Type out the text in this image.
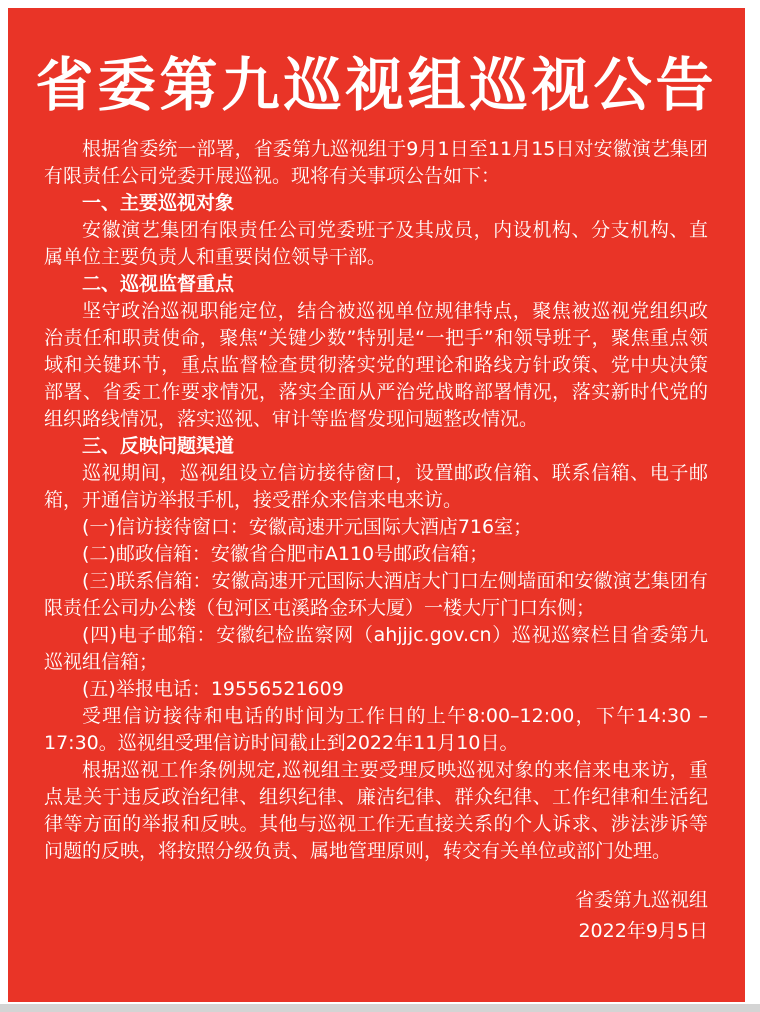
省委第九巡视组巡视公告

根据省委统一部署，省委第九巡视组于9月1日至11月15日对安徽演艺集团有限责任公司党委开展巡视。现将有关事项公告如下：

一、主要巡视对象

安徽演艺集团有限责任公司党委班子及其成员，内设机构、分支机构、直属单位主要负责人和重要岗位领导干部。

二、巡视监督重点

坚守政治巡视职能定位，结合被巡视单位规律特点，聚焦被巡视党组织政治责任和职责使命，聚焦“关键少数”特别是“一把手”和领导班子，聚焦重点领域和关键环节，重点监督检查贯彻落实党的理论和路线方针政策、党中央决策部署、省委工作要求情况，落实全面从严治党战略部署情况，落实新时代党的组织路线情况，落实巡视、审计等监督发现问题整改情况。

三、反映问题渠道

巡视期间，巡视组设立信访接待窗口，设置邮政信箱、联系信箱、电子邮箱，开通信访举报手机，接受群众来信来电来访。

(一)信访接待窗口：安徽高速开元国际大酒店716室；

(二)邮政信箱：安徽省合肥市A110号邮政信箱；

(三)联系信箱：安徽高速开元国际大酒店大门口左侧墙面和安徽演艺集团有限责任公司办公楼（包河区屯溪路金环大厦）一楼大厅门口东侧；

(四)电子邮箱：安徽纪检监察网（ahjjjc.gov.cn）巡视巡察栏目省委第九巡视组信箱；

(五)举报电话：19556521609

受理信访接待和电话的时间为工作日的上午8:00–12:00，下午14:30 – 17:30。巡视组受理信访时间截止到2022年11月10日。

根据巡视工作条例规定,巡视组主要受理反映巡视对象的来信来电来访，重点是关于违反政治纪律、组织纪律、廉洁纪律、群众纪律、工作纪律和生活纪律等方面的举报和反映。其他与巡视工作无直接关系的个人诉求、涉法涉诉等问题的反映，将按照分级负责、属地管理原则，转交有关单位或部门处理。

省委第九巡视组

2022年9月5日
